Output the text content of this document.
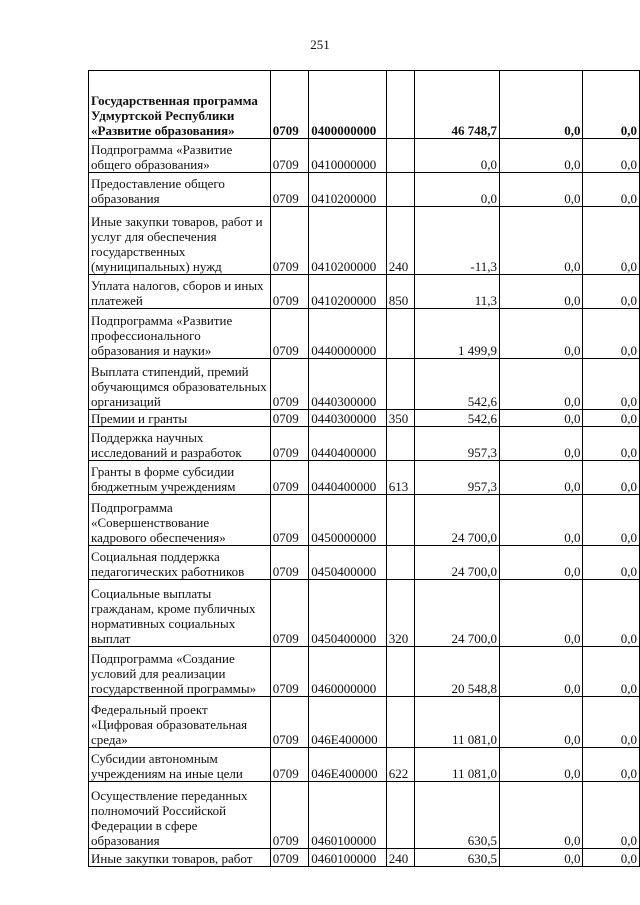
251
Государственная программа Удмуртской Республики «Развитие образования»	0709	0400000000		46 748,7	0,0	0,0
Подпрограмма «Развитие общего образования»	0709	0410000000		0,0	0,0	0,0
Предоставление общего образования	0709	0410200000		0,0	0,0	0,0
Иные закупки товаров, работ и услуг для обеспечения государственных (муниципальных) нужд	0709	0410200000	240	-11,3	0,0	0,0
Уплата налогов, сборов и иных платежей	0709	0410200000	850	11,3	0,0	0,0
Подпрограмма «Развитие профессионального образования и науки»	0709	0440000000		1 499,9	0,0	0,0
Выплата стипендий, премий обучающимся образовательных организаций	0709	0440300000		542,6	0,0	0,0
Премии и гранты	0709	0440300000	350	542,6	0,0	0,0
Поддержка научных исследований и разработок	0709	0440400000		957,3	0,0	0,0
Гранты в форме субсидии бюджетным учреждениям	0709	0440400000	613	957,3	0,0	0,0
Подпрограмма «Совершенствование кадрового обеспечения»	0709	0450000000		24 700,0	0,0	0,0
Социальная поддержка педагогических работников	0709	0450400000		24 700,0	0,0	0,0
Социальные выплаты гражданам, кроме публичных нормативных социальных выплат	0709	0450400000	320	24 700,0	0,0	0,0
Подпрограмма «Создание условий для реализации государственной программы»	0709	0460000000		20 548,8	0,0	0,0
Федеральный проект «Цифровая образовательная среда»	0709	046E400000		11 081,0	0,0	0,0
Субсидии автономным учреждениям на иные цели	0709	046E400000	622	11 081,0	0,0	0,0
Осуществление переданных полномочий Российской Федерации в сфере образования	0709	0460100000		630,5	0,0	0,0
Иные закупки товаров, работ	0709	0460100000	240	630,5	0,0	0,0
